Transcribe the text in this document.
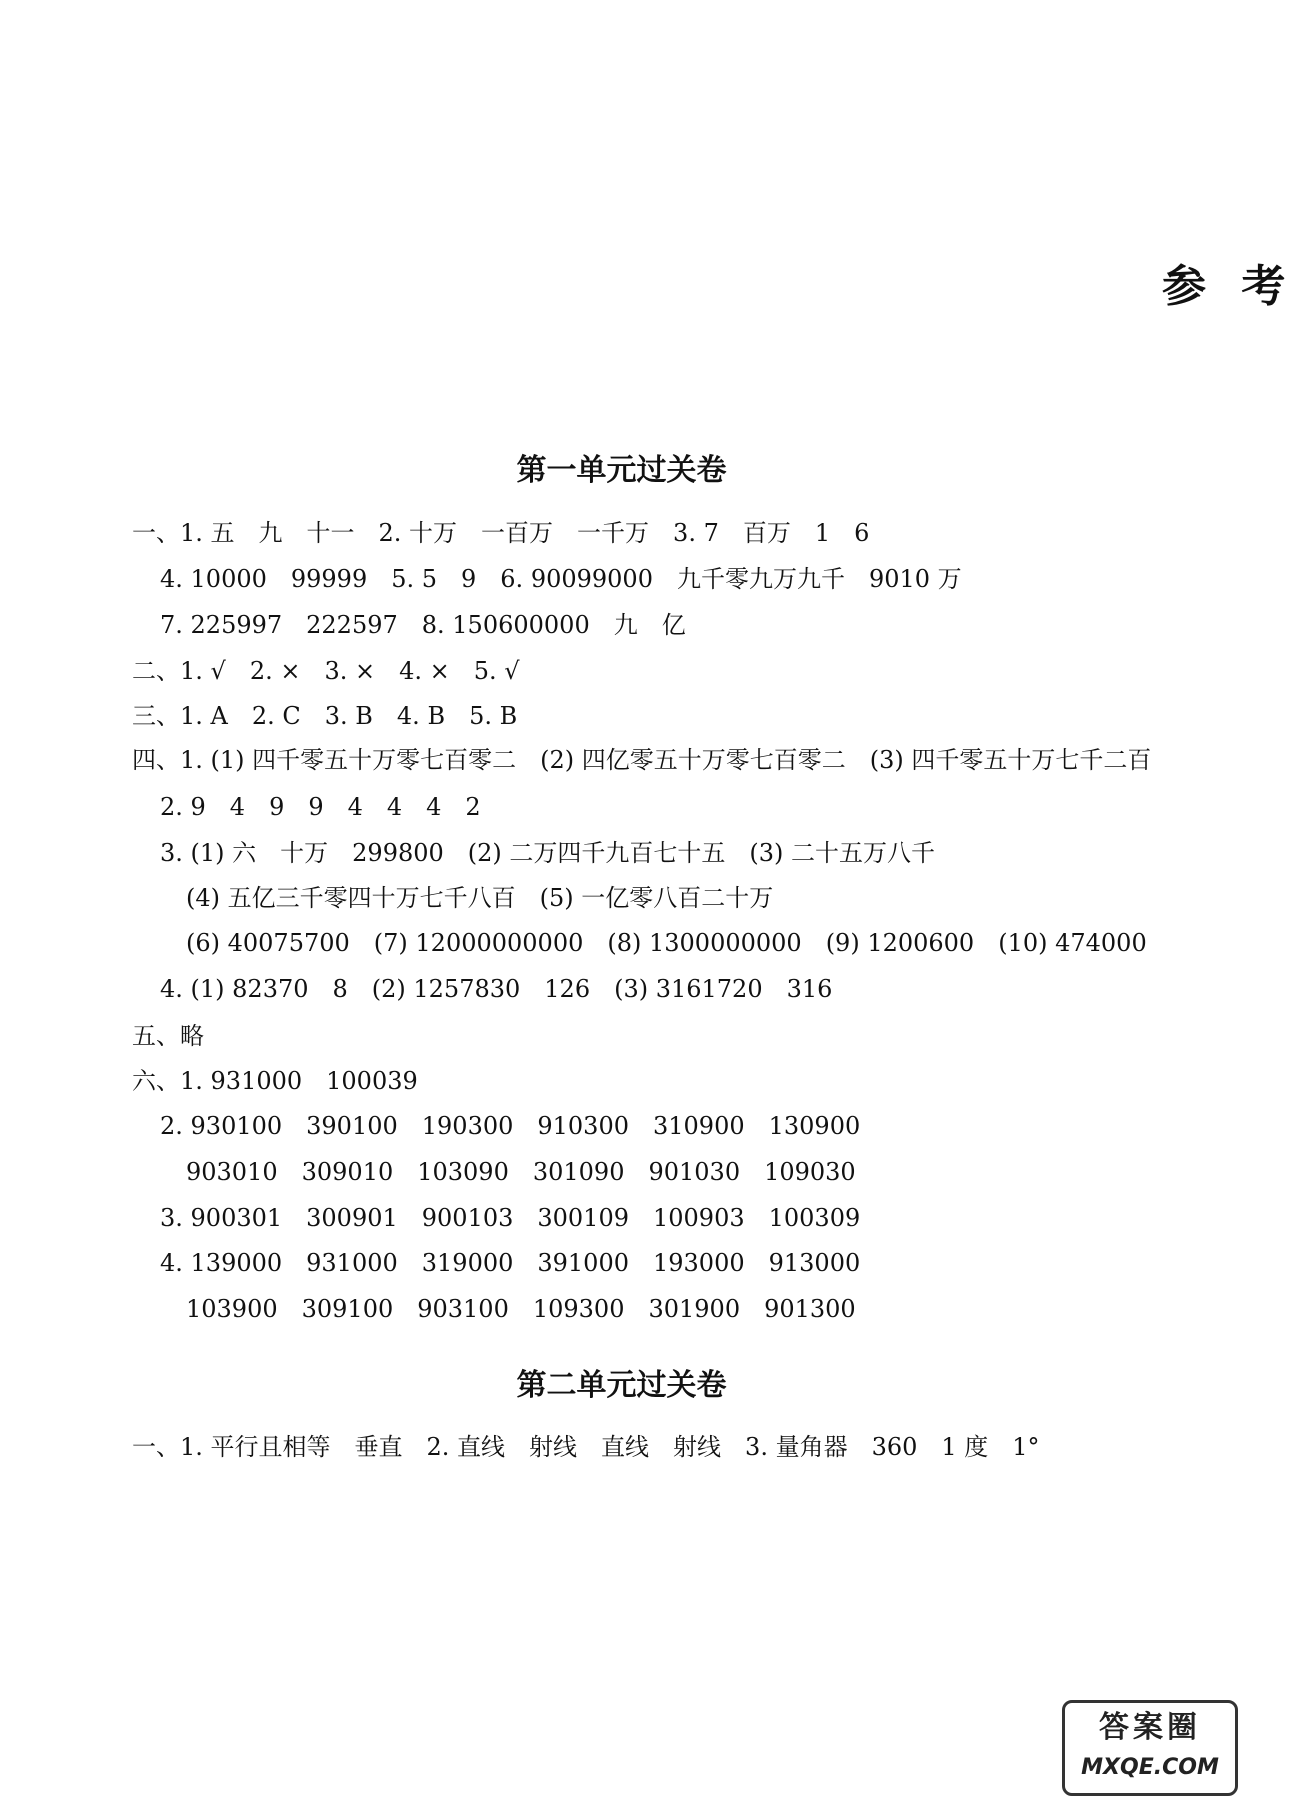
参 考
第一单元过关卷
一、1. 五　九　十一　2. 十万　一百万　一千万　3. 7　百万　1　6
4. 10000　99999　5. 5　9　6. 90099000　九千零九万九千　9010 万
7. 225997　222597　8. 150600000　九　亿
二、1. √　2. ×　3. ×　4. ×　5. √
三、1. A　2. C　3. B　4. B　5. B
四、1. (1) 四千零五十万零七百零二　(2) 四亿零五十万零七百零二　(3) 四千零五十万七千二百
2. 9　4　9　9　4　4　4　2
3. (1) 六　十万　299800　(2) 二万四千九百七十五　(3) 二十五万八千
(4) 五亿三千零四十万七千八百　(5) 一亿零八百二十万
(6) 40075700　(7) 12000000000　(8) 1300000000　(9) 1200600　(10) 474000
4. (1) 82370　8　(2) 1257830　126　(3) 3161720　316
五、略
六、1. 931000　100039
2. 930100　390100　190300　910300　310900　130900
903010　309010　103090　301090　901030　109030
3. 900301　300901　900103　300109　100903　100309
4. 139000　931000　319000　391000　193000　913000
103900　309100　903100　109300　301900　901300
第二单元过关卷
一、1. 平行且相等　垂直　2. 直线　射线　直线　射线　3. 量角器　360　1 度　1°
答案圈
MXQE.COM
